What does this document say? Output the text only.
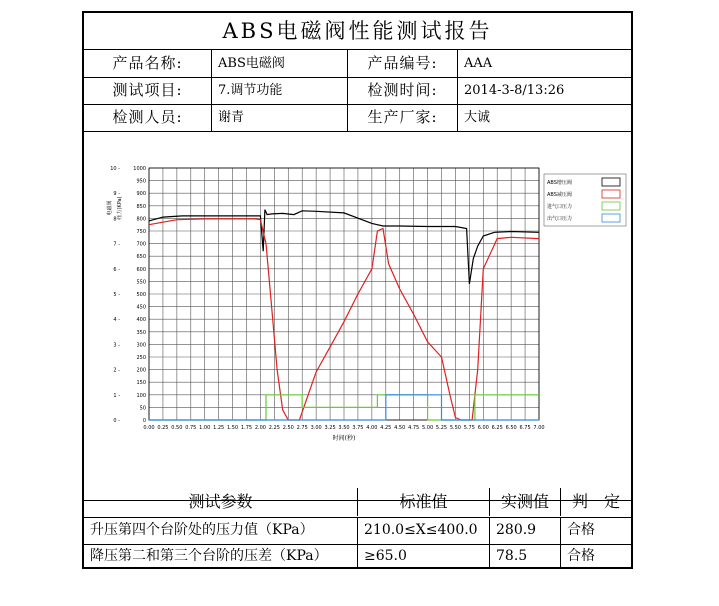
ABS电磁阀性能测试报告
产品名称:	ABS电磁阀	产品编号:	AAA
测试项目:	7.调节功能	检测时间:	2014-3-8/13:26
检测人员:	谢青	生产厂家:	大诚
0.00 0.25 0.50 0.75 1.00 1.25 1.50 1.75 2.00 2.25 2.50 2.75 3.00 3.25 3.50 3.75 4.00 4.25 4.50 4.75 5.00 5.25 5.50 5.75 6.00 6.25 6.50 6.75 7.00
0
50
100
150
200
250
300
350
400
450
500
550
600
650
700
750
800
850
900
950
1000
0 -
1 -
2 -
3 -
4 -
5 -
6 -
7 -
8 -
9 -
10 -
时间(秒)
电磁阀 压力(KPa)
ABS增压阀
ABS减压阀
进气口压力
出气口压力
测试参数	标准值	实测值	判　定
升压第四个台阶处的压力值（KPa）	210.0≤X≤400.0	280.9	合格
降压第二和第三个台阶的压差（KPa）	≥65.0	78.5	合格
